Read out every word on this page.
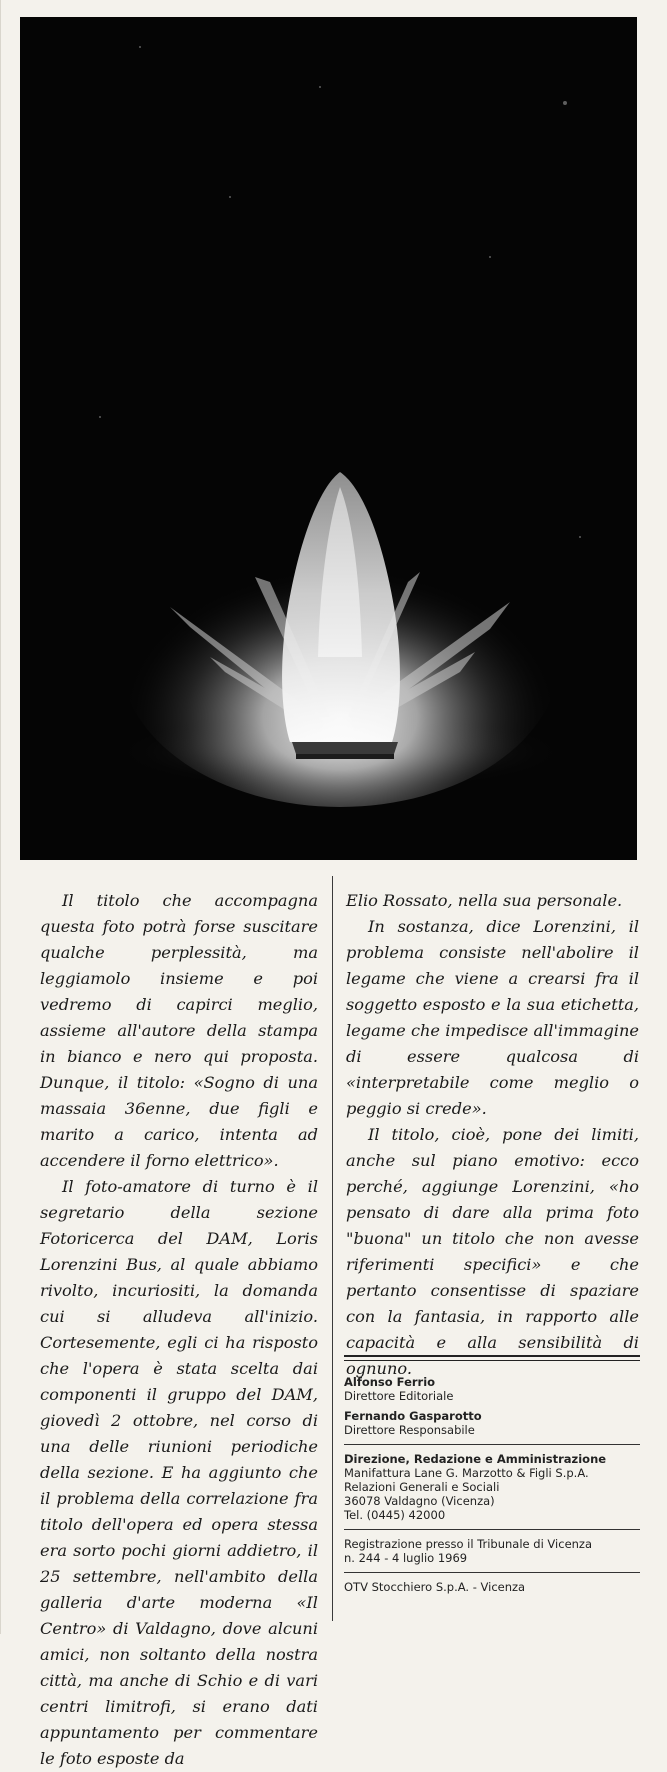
Il titolo che accompagna questa foto potrà forse suscitare qualche perplessità, ma leggiamolo insieme e poi vedremo di capirci meglio, assieme all'autore della stampa in bianco e nero qui proposta. Dunque, il titolo: «Sogno di una massaia 36enne, due figli e marito a carico, intenta ad accendere il forno elettrico».

Il foto-amatore di turno è il segretario della sezione Fotoricerca del DAM, Loris Lorenzini Bus, al quale abbiamo rivolto, incuriositi, la domanda cui si alludeva all'inizio. Cortesemente, egli ci ha risposto che l'opera è stata scelta dai componenti il gruppo del DAM, giovedì 2 ottobre, nel corso di una delle riunioni periodiche della sezione. E ha aggiunto che il problema della correlazione fra titolo dell'opera ed opera stessa era sorto pochi giorni addietro, il 25 settembre, nell'ambito della galleria d'arte moderna «Il Centro» di Valdagno, dove alcuni amici, non soltanto della nostra città, ma anche di Schio e di vari centri limitrofi, si erano dati appuntamento per commentare le foto esposte da

Elio Rossato, nella sua personale.

In sostanza, dice Lorenzini, il problema consiste nell'abolire il legame che viene a crearsi fra il soggetto esposto e la sua etichetta, legame che impedisce all'immagine di essere qualcosa di «interpretabile come meglio o peggio si crede».

Il titolo, cioè, pone dei limiti, anche sul piano emotivo: ecco perché, aggiunge Lorenzini, «ho pensato di dare alla prima foto "buona" un titolo che non avesse riferimenti specifici» e che pertanto consentisse di spaziare con la fantasia, in rapporto alle capacità e alla sensibilità di ognuno.

Alfonso Ferrio
Direttore Editoriale
Fernando Gasparotto
Direttore Responsabile
Direzione, Redazione e Amministrazione
Manifattura Lane G. Marzotto & Figli S.p.A.
Relazioni Generali e Sociali
36078 Valdagno (Vicenza)
Tel. (0445) 42000
Registrazione presso il Tribunale di Vicenza
n. 244 - 4 luglio 1969
OTV Stocchiero S.p.A. - Vicenza
